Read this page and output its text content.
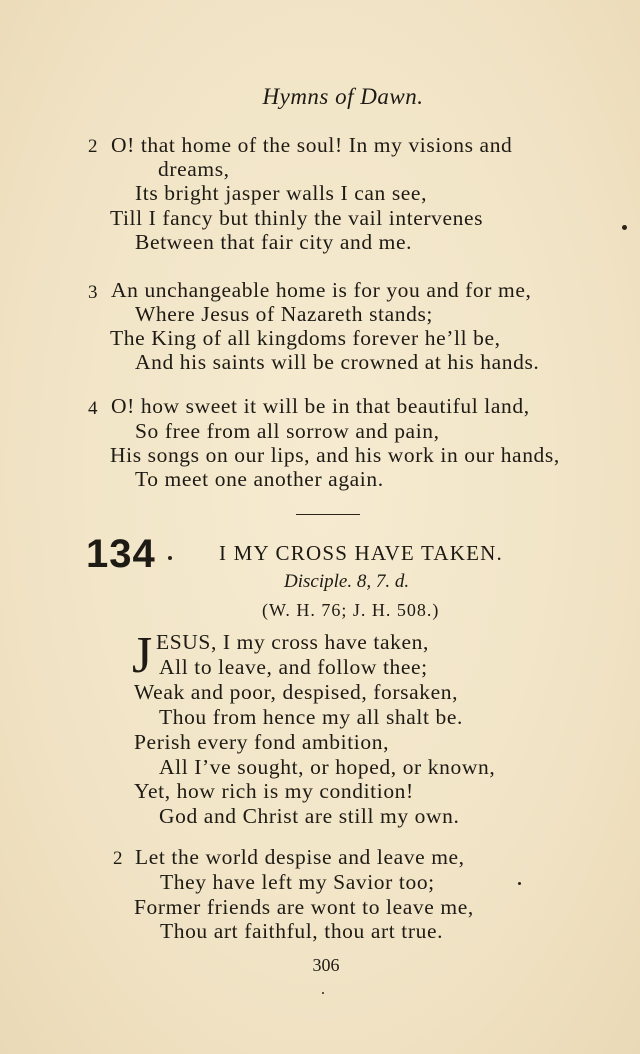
Hymns of Dawn.
2 O! that home of the soul! In my visions and
dreams,
Its bright jasper walls I can see,
Till I fancy but thinly the vail intervenes
Between that fair city and me.
3 An unchangeable home is for you and for me,
Where Jesus of Nazareth stands;
The King of all kingdoms forever he’ll be,
And his saints will be crowned at his hands.
4 O! how sweet it will be in that beautiful land,
So free from all sorrow and pain,
His songs on our lips, and his work in our hands,
To meet one another again.
134	I MY CROSS HAVE TAKEN.
Disciple. 8, 7. d.
(W. H. 76; J. H. 508.)
J ESUS, I my cross have taken,
All to leave, and follow thee;
Weak and poor, despised, forsaken,
Thou from hence my all shalt be.
Perish every fond ambition,
All I’ve sought, or hoped, or known,
Yet, how rich is my condition!
God and Christ are still my own.
2 Let the world despise and leave me,
They have left my Savior too;
Former friends are wont to leave me,
Thou art faithful, thou art true.
306
